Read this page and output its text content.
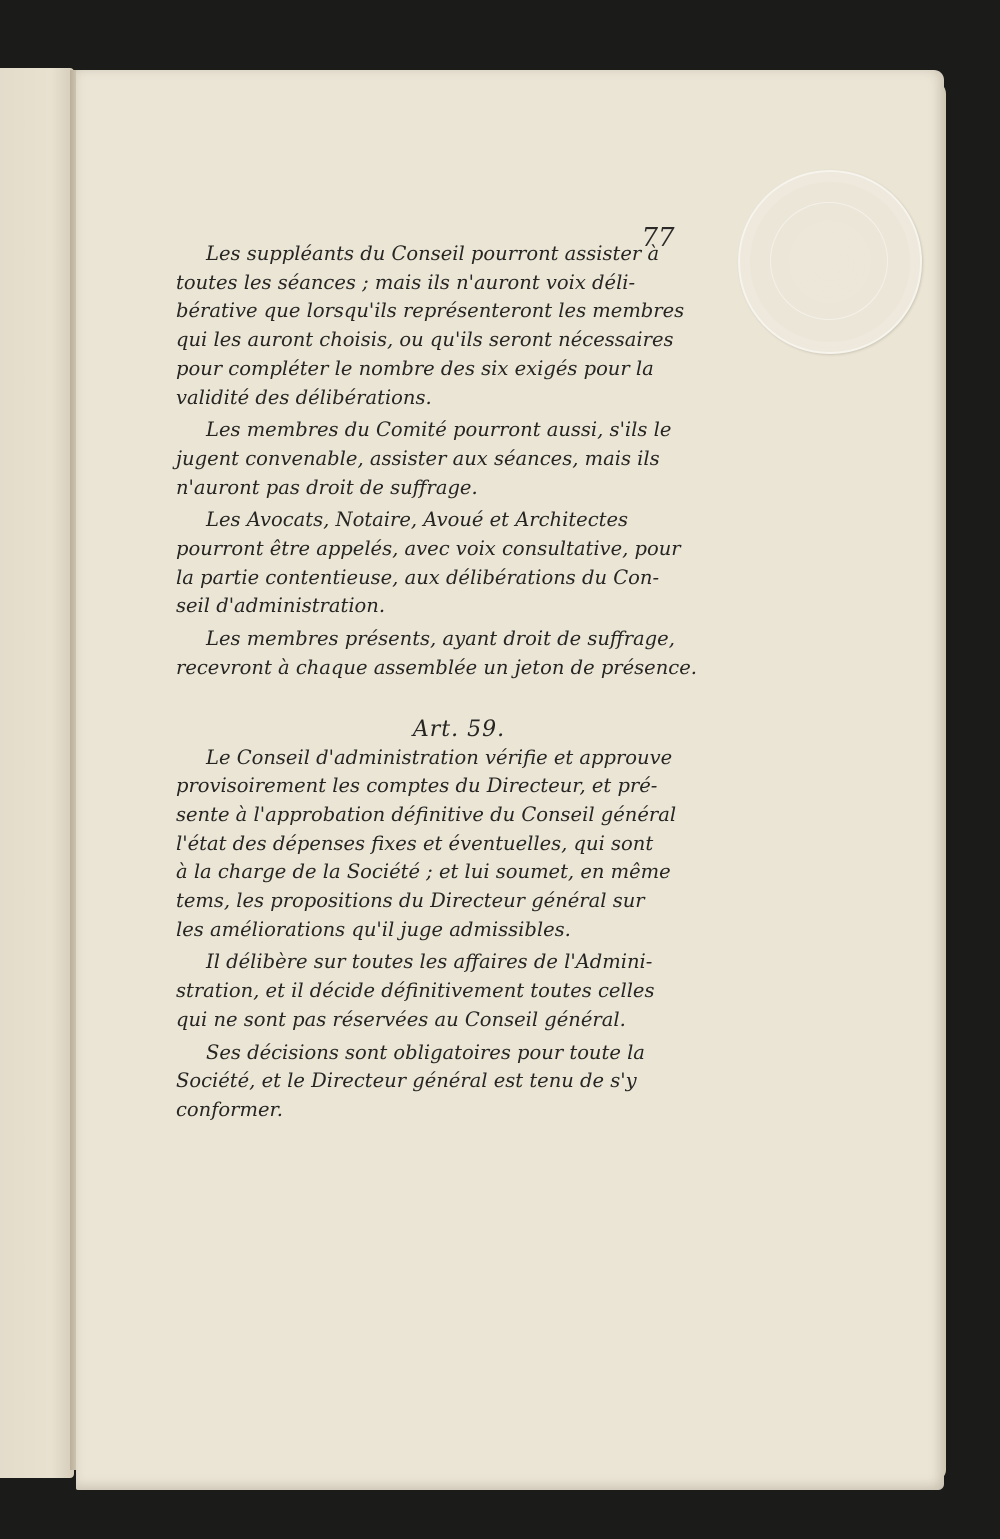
77
Les suppléants du Conseil pourront assister à
toutes les séances ; mais ils n'auront voix déli-
bérative que lorsqu'ils représenteront les membres
qui les auront choisis, ou qu'ils seront nécessaires
pour compléter le nombre des six exigés pour la
validité des délibérations.
Les membres du Comité pourront aussi, s'ils le
jugent convenable, assister aux séances, mais ils
n'auront pas droit de suffrage.
Les Avocats, Notaire, Avoué et Architectes
pourront être appelés, avec voix consultative, pour
la partie contentieuse, aux délibérations du Con-
seil d'administration.
Les membres présents, ayant droit de suffrage,
recevront à chaque assemblée un jeton de présence.
Art. 59.
Le Conseil d'administration vérifie et approuve
provisoirement les comptes du Directeur, et pré-
sente à l'approbation définitive du Conseil général
l'état des dépenses fixes et éventuelles, qui sont
à la charge de la Société ; et lui soumet, en même
tems, les propositions du Directeur général sur
les améliorations qu'il juge admissibles.
Il délibère sur toutes les affaires de l'Admini-
stration, et il décide définitivement toutes celles
qui ne sont pas réservées au Conseil général.
Ses décisions sont obligatoires pour toute la
Société, et le Directeur général est tenu de s'y
conformer.
